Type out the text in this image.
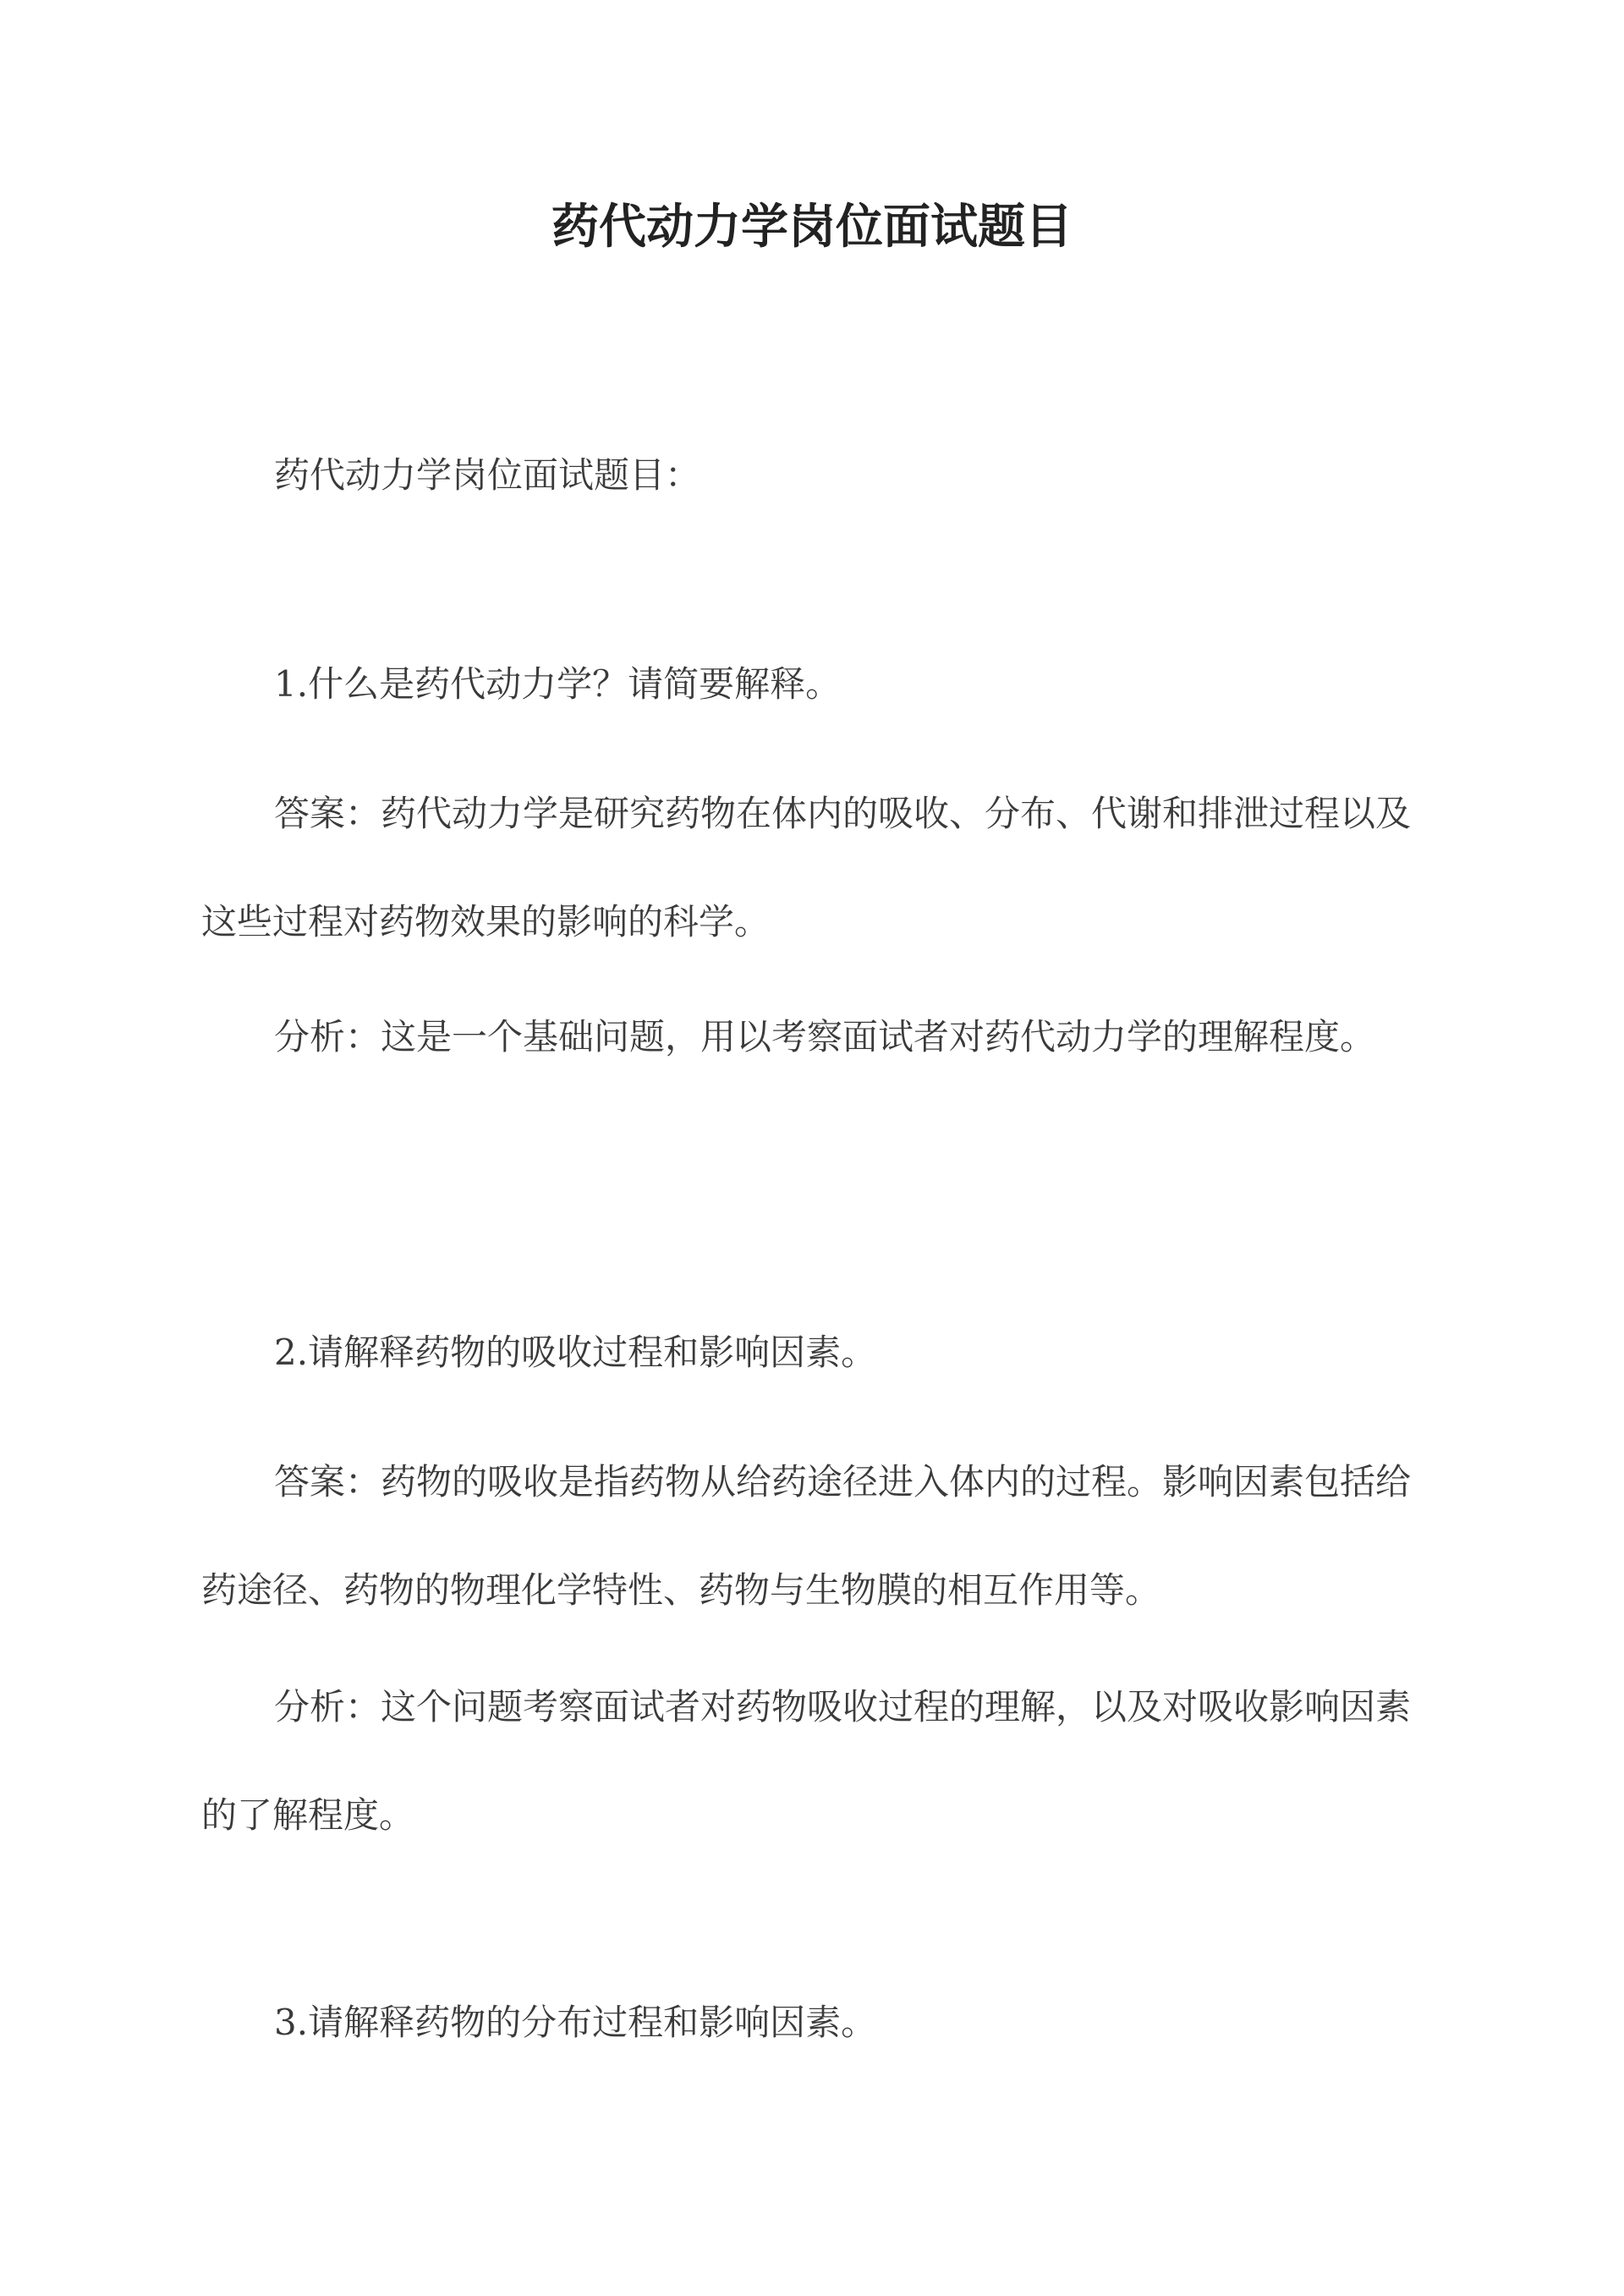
药代动力学岗位面试题目

药代动力学岗位面试题目：

1.什么是药代动力学？请简要解释。

答案：药代动力学是研究药物在体内的吸收、分布、代谢和排泄过程以及这些过程对药物效果的影响的科学。

分析：这是一个基础问题，用以考察面试者对药代动力学的理解程度。

2.请解释药物的吸收过程和影响因素。

答案：药物的吸收是指药物从给药途径进入体内的过程。影响因素包括给药途径、药物的物理化学特性、药物与生物膜的相互作用等。

分析：这个问题考察面试者对药物吸收过程的理解，以及对吸收影响因素的了解程度。

3.请解释药物的分布过程和影响因素。
